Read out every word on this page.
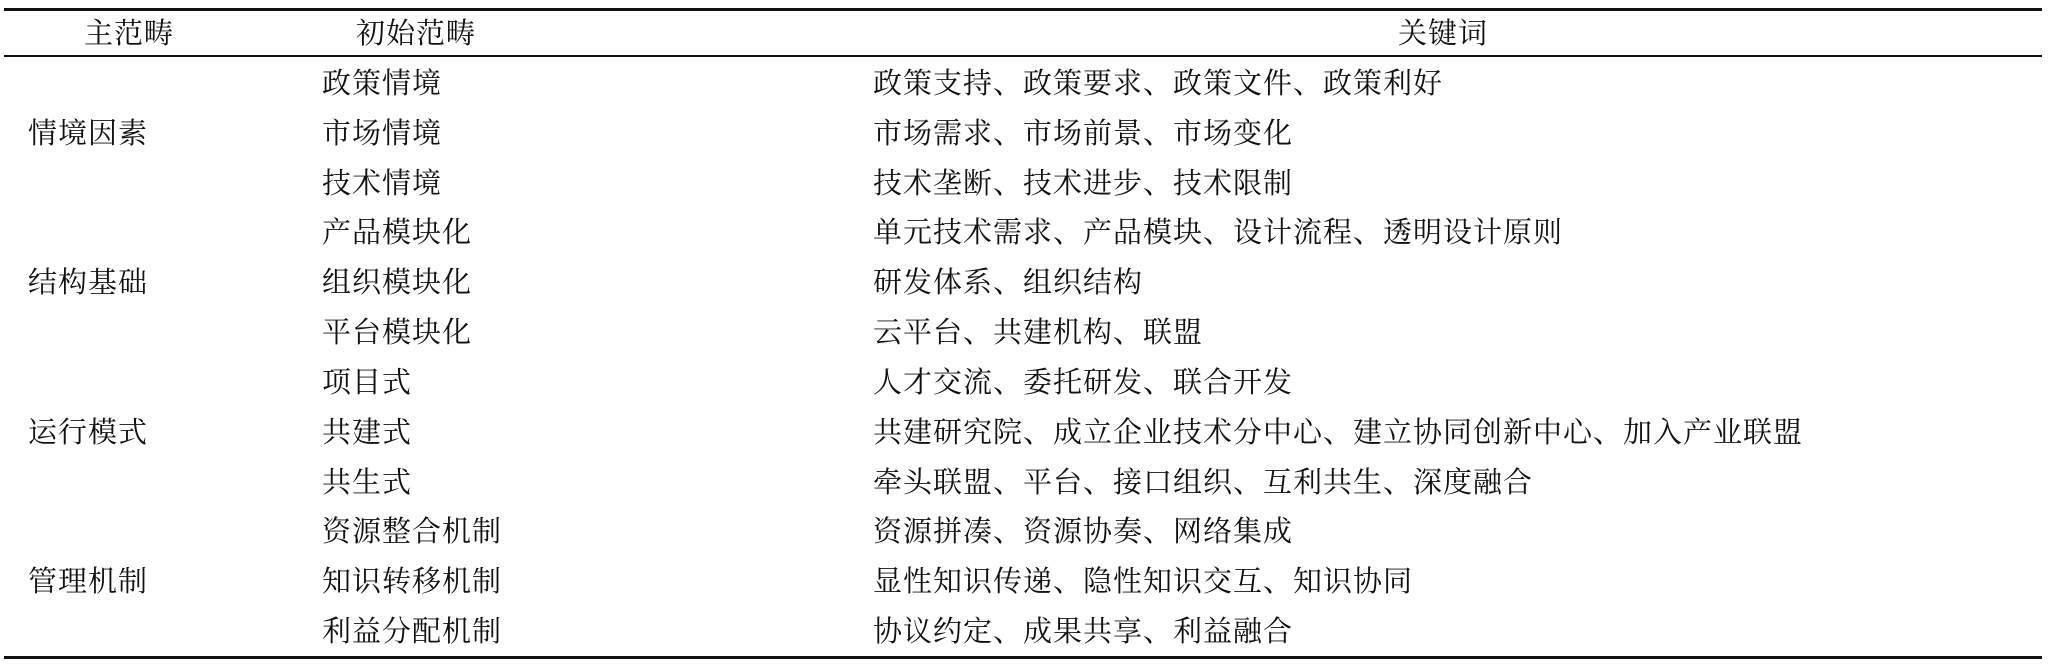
主范畴	初始范畴	关键词
情境因素
结构基础
运行模式
管理机制
政策情境
市场情境
技术情境
产品模块化
组织模块化
平台模块化
项目式
共建式
共生式
资源整合机制
知识转移机制
利益分配机制
政策支持、政策要求、政策文件、政策利好
市场需求、市场前景、市场变化
技术垄断、技术进步、技术限制
单元技术需求、产品模块、设计流程、透明设计原则
研发体系、组织结构
云平台、共建机构、联盟
人才交流、委托研发、联合开发
共建研究院、成立企业技术分中心、建立协同创新中心、加入产业联盟
牵头联盟、平台、接口组织、互利共生、深度融合
资源拼凑、资源协奏、网络集成
显性知识传递、隐性知识交互、知识协同
协议约定、成果共享、利益融合
